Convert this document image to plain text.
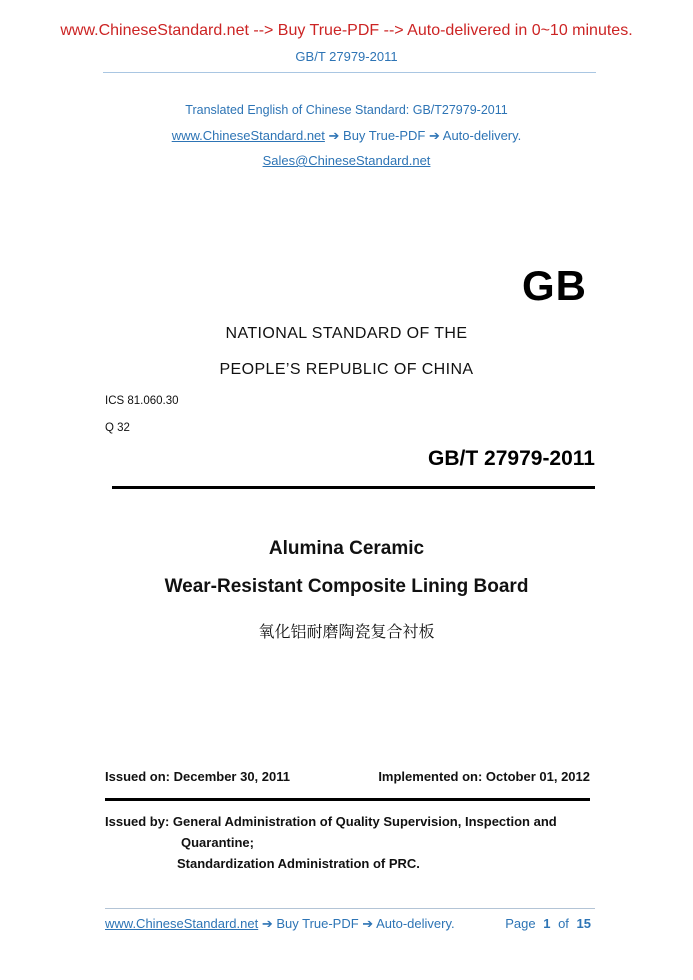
www.ChineseStandard.net --> Buy True-PDF --> Auto-delivered in 0~10 minutes.
GB/T 27979-2011
Translated English of Chinese Standard: GB/T27979-2011
www.ChineseStandard.net ➔ Buy True-PDF ➔ Auto-delivery.
Sales@ChineseStandard.net
GB
NATIONAL STANDARD OF THE
PEOPLE’S REPUBLIC OF CHINA
ICS 81.060.30
Q 32
GB/T 27979-2011
Alumina Ceramic
Wear-Resistant Composite Lining Board
氧化铝耐磨陶瓷复合衬板
Issued on: December 30, 2011	Implemented on: October 01, 2012
Issued by: General Administration of Quality Supervision, Inspection and
Quarantine;
Standardization Administration of PRC.
www.ChineseStandard.net ➔ Buy True-PDF ➔ Auto-delivery.	Page 1 of 15
